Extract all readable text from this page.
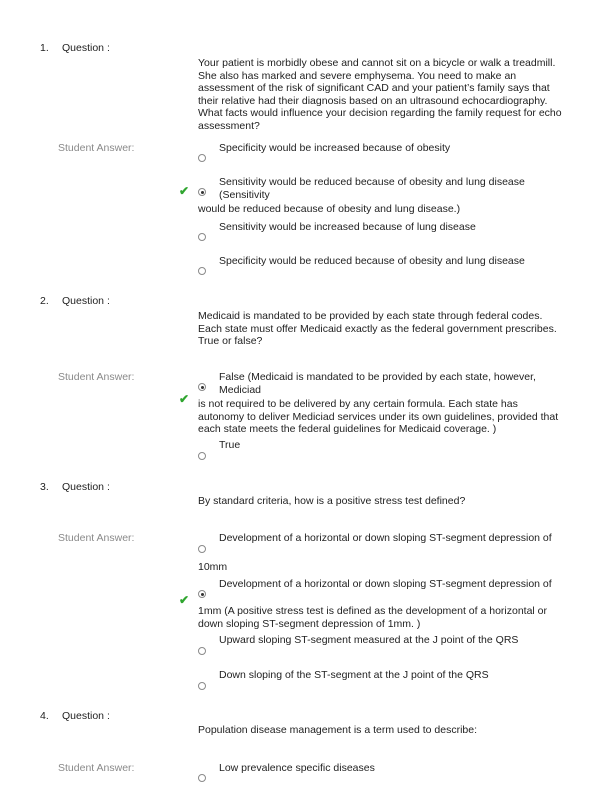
1.	Question :
Your patient is morbidly obese and cannot sit on a bicycle or walk a treadmill. She also has marked and severe emphysema. You need to make an assessment of the risk of significant CAD and your patient’s family says that their relative had their diagnosis based on an ultrasound echocardiography. What facts would influence your decision regarding the family request for echo assessment?
Student Answer:	Specificity would be increased because of obesity
Sensitivity would be reduced because of obesity and lung disease (Sensitivity
✔
would be reduced because of obesity and lung disease.)
Sensitivity would be increased because of lung disease
Specificity would be reduced because of obesity and lung disease
2.	Question :
Medicaid is mandated to be provided by each state through federal codes. Each state must offer Medicaid exactly as the federal government prescribes. True or false?
Student Answer:	False (Medicaid is mandated to be provided by each state, however, Mediciad
✔ is not required to be delivered by any certain formula. Each state has autonomy to deliver Mediciad services under its own guidelines, provided that each state meets the federal guidelines for Medicaid coverage. )
True
3.	Question :
By standard criteria, how is a positive stress test defined?
Student Answer:	Development of a horizontal or down sloping ST-segment depression of
10mm
Development of a horizontal or down sloping ST-segment depression of
✔
1mm (A positive stress test is defined as the development of a horizontal or down sloping ST-segment depression of 1mm. )
Upward sloping ST-segment measured at the J point of the QRS
Down sloping of the ST-segment at the J point of the QRS
4.	Question :
Population disease management is a term used to describe:
Student Answer:	Low prevalence specific diseases
